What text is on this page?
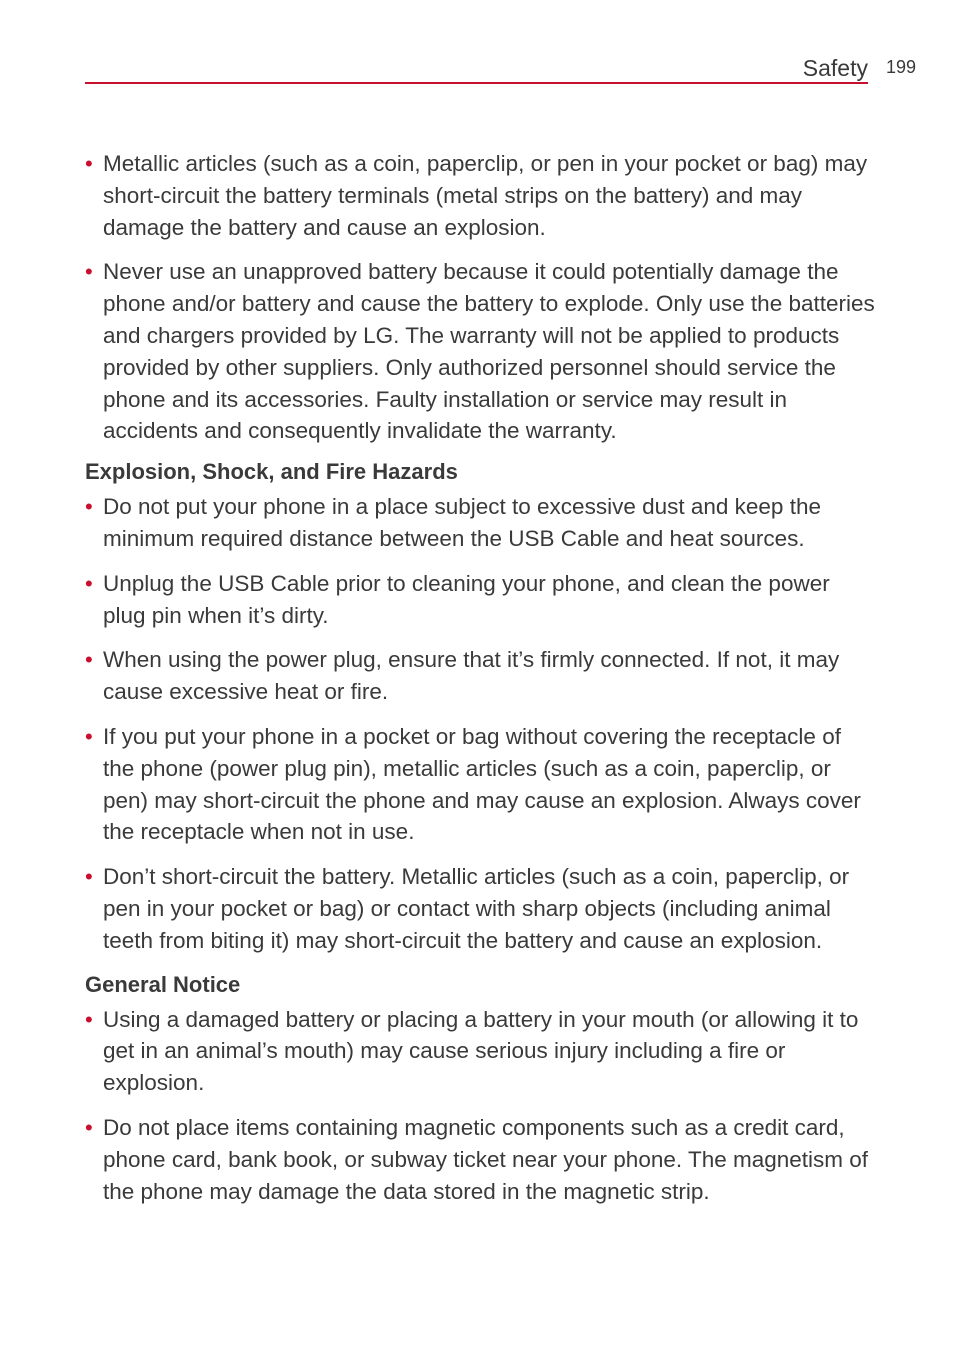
Safety 199
• Metallic articles (such as a coin, paperclip, or pen in your pocket or bag) may short-circuit the battery terminals (metal strips on the battery) and may damage the battery and cause an explosion.
• Never use an unapproved battery because it could potentially damage the phone and/or battery and cause the battery to explode. Only use the batteries and chargers provided by LG. The warranty will not be applied to products provided by other suppliers. Only authorized personnel should service the phone and its accessories. Faulty installation or service may result in accidents and consequently invalidate the warranty.
Explosion, Shock, and Fire Hazards
• Do not put your phone in a place subject to excessive dust and keep the minimum required distance between the USB Cable and heat sources.
• Unplug the USB Cable prior to cleaning your phone, and clean the power plug pin when it’s dirty.
• When using the power plug, ensure that it’s firmly connected. If not, it may cause excessive heat or fire.
• If you put your phone in a pocket or bag without covering the receptacle of the phone (power plug pin), metallic articles (such as a coin, paperclip, or pen) may short-circuit the phone and may cause an explosion. Always cover the receptacle when not in use.
• Don’t short-circuit the battery. Metallic articles (such as a coin, paperclip, or pen in your pocket or bag) or contact with sharp objects (including animal teeth from biting it) may short-circuit the battery and cause an explosion.
General Notice
• Using a damaged battery or placing a battery in your mouth (or allowing it to get in an animal’s mouth) may cause serious injury including a fire or explosion.
• Do not place items containing magnetic components such as a credit card, phone card, bank book, or subway ticket near your phone. The magnetism of the phone may damage the data stored in the magnetic strip.
